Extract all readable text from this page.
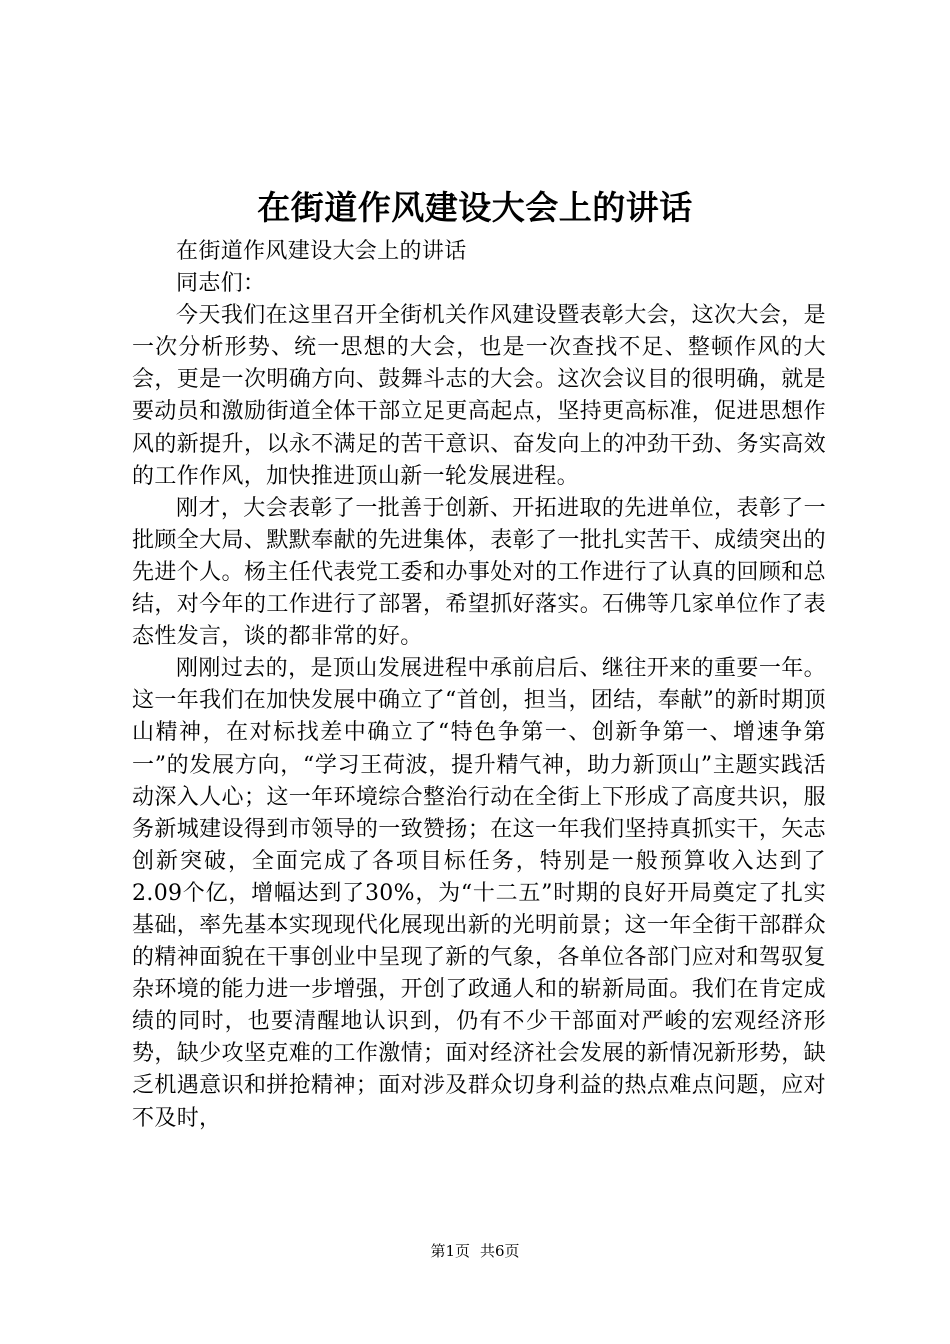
在街道作风建设大会上的讲话

在街道作风建设大会上的讲话

同志们：

今天我们在这里召开全街机关作风建设暨表彰大会，这次大会，是一次分析形势、统一思想的大会，也是一次查找不足、整顿作风的大会，更是一次明确方向、鼓舞斗志的大会。这次会议目的很明确，就是要动员和激励街道全体干部立足更高起点，坚持更高标准，促进思想作风的新提升，以永不满足的苦干意识、奋发向上的冲劲干劲、务实高效的工作作风，加快推进顶山新一轮发展进程。

刚才，大会表彰了一批善于创新、开拓进取的先进单位，表彰了一批顾全大局、默默奉献的先进集体，表彰了一批扎实苦干、成绩突出的先进个人。杨主任代表党工委和办事处对的工作进行了认真的回顾和总结，对今年的工作进行了部署，希望抓好落实。石佛等几家单位作了表态性发言，谈的都非常的好。

刚刚过去的，是顶山发展进程中承前启后、继往开来的重要一年。这一年我们在加快发展中确立了“首创，担当，团结，奉献”的新时期顶山精神，在对标找差中确立了“特色争第一、创新争第一、增速争第一”的发展方向，“学习王荷波，提升精气神，助力新顶山”主题实践活动深入人心；这一年环境综合整治行动在全街上下形成了高度共识，服务新城建设得到市领导的一致赞扬；在这一年我们坚持真抓实干，矢志创新突破，全面完成了各项目标任务，特别是一般预算收入达到了2.09个亿，增幅达到了30%，为“十二五”时期的良好开局奠定了扎实基础，率先基本实现现代化展现出新的光明前景；这一年全街干部群众的精神面貌在干事创业中呈现了新的气象，各单位各部门应对和驾驭复杂环境的能力进一步增强，开创了政通人和的崭新局面。我们在肯定成绩的同时，也要清醒地认识到，仍有不少干部面对严峻的宏观经济形势，缺少攻坚克难的工作激情；面对经济社会发展的新情况新形势，缺乏机遇意识和拼抢精神；面对涉及群众切身利益的热点难点问题，应对不及时，

第1页 共6页
